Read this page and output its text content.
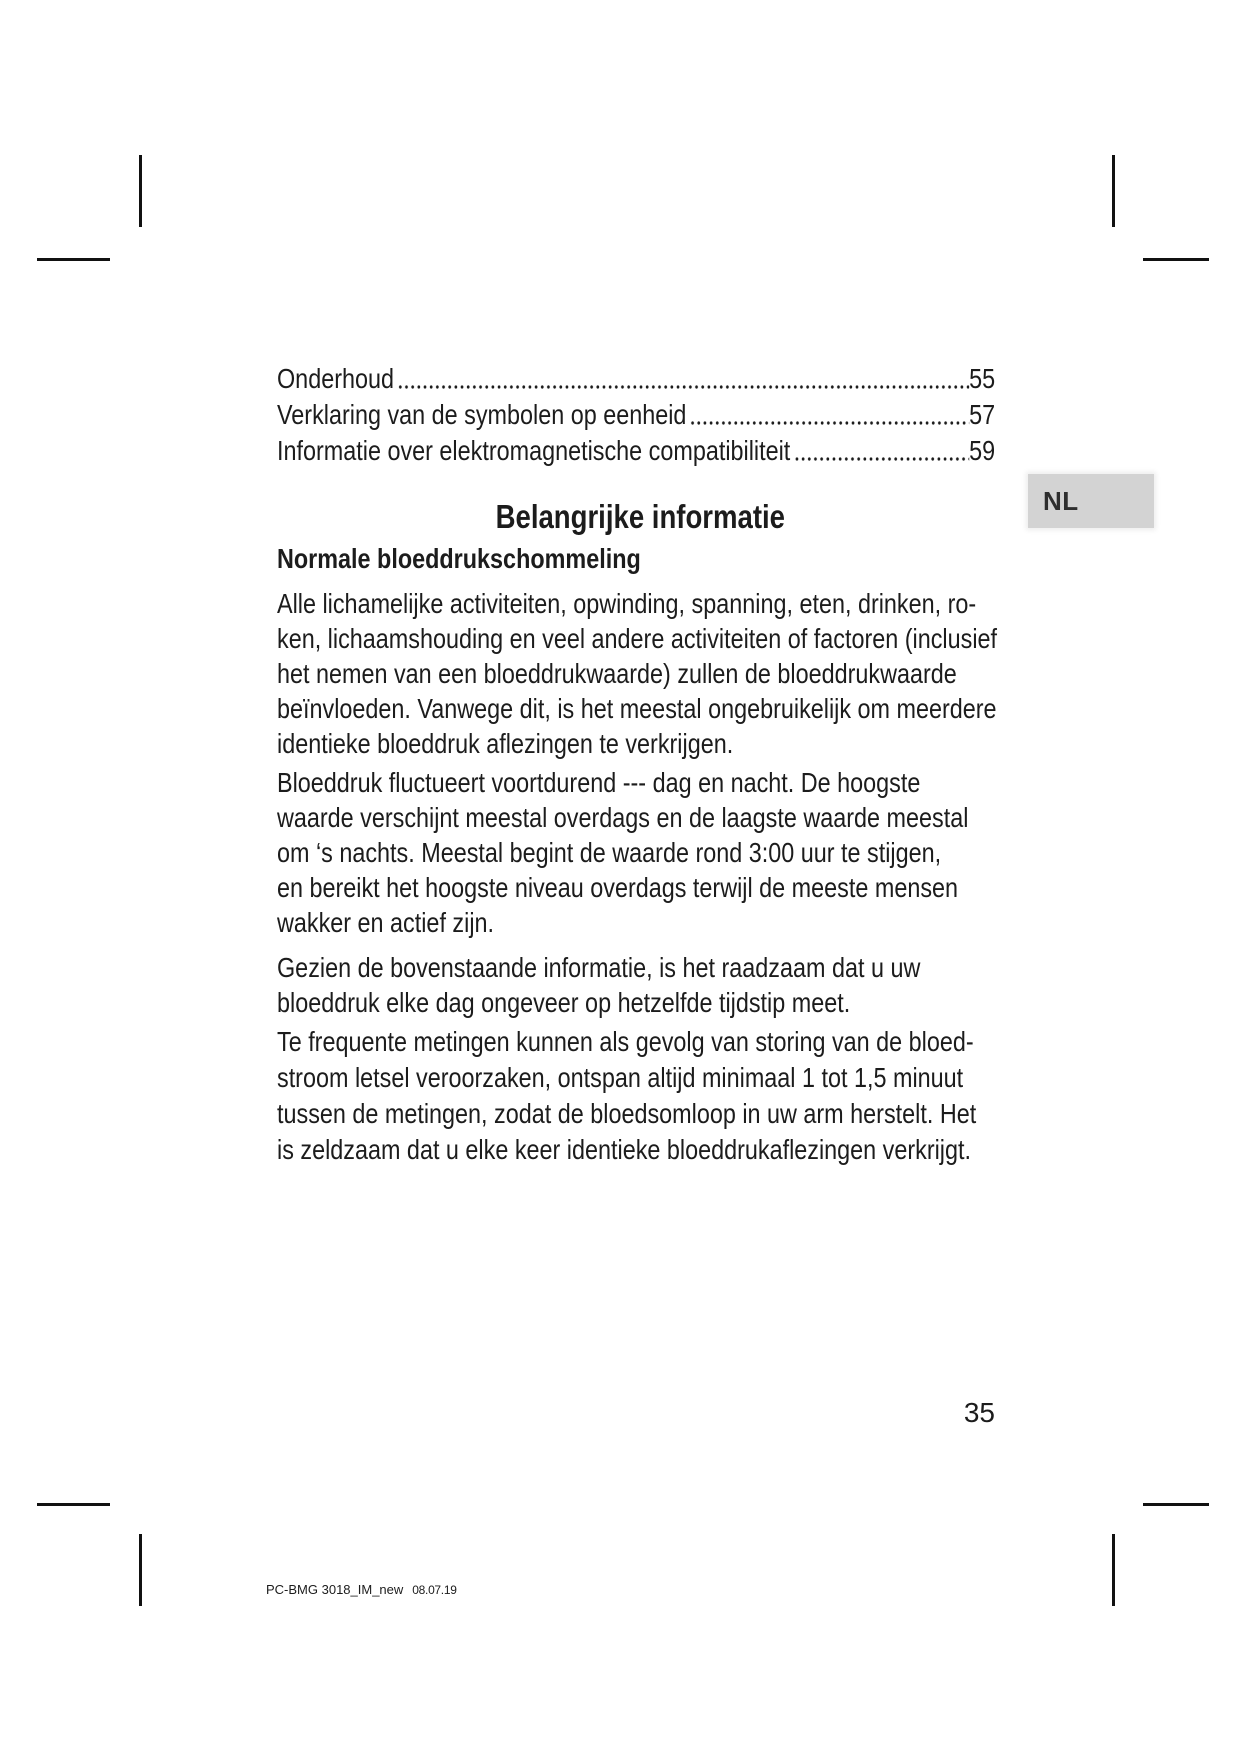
Onderhoud	55
Verklaring van de symbolen op eenheid	57
Informatie over elektromagnetische compatibiliteit	59
NL
Belangrijke informatie
Normale bloeddrukschommeling

Alle lichamelijke activiteiten, opwinding, spanning, eten, drinken, ro-
ken, lichaamshouding en veel andere activiteiten of factoren (inclusief
het nemen van een bloeddrukwaarde) zullen de bloeddrukwaarde
beïnvloeden. Vanwege dit, is het meestal ongebruikelijk om meerdere
identieke bloeddruk aflezingen te verkrijgen.

Bloeddruk fluctueert voortdurend --- dag en nacht. De hoogste
waarde verschijnt meestal overdags en de laagste waarde meestal
om ‘s nachts. Meestal begint de waarde rond 3:00 uur te stijgen,
en bereikt het hoogste niveau overdags terwijl de meeste mensen
wakker en actief zijn.

Gezien de bovenstaande informatie, is het raadzaam dat u uw
bloeddruk elke dag ongeveer op hetzelfde tijdstip meet.

Te frequente metingen kunnen als gevolg van storing van de bloed-
stroom letsel veroorzaken, ontspan altijd minimaal 1 tot 1,5 minuut
tussen de metingen, zodat de bloedsomloop in uw arm herstelt. Het
is zeldzaam dat u elke keer identieke bloeddrukaflezingen verkrijgt.

35
PC-BMG 3018_IM_new 08.07.19
